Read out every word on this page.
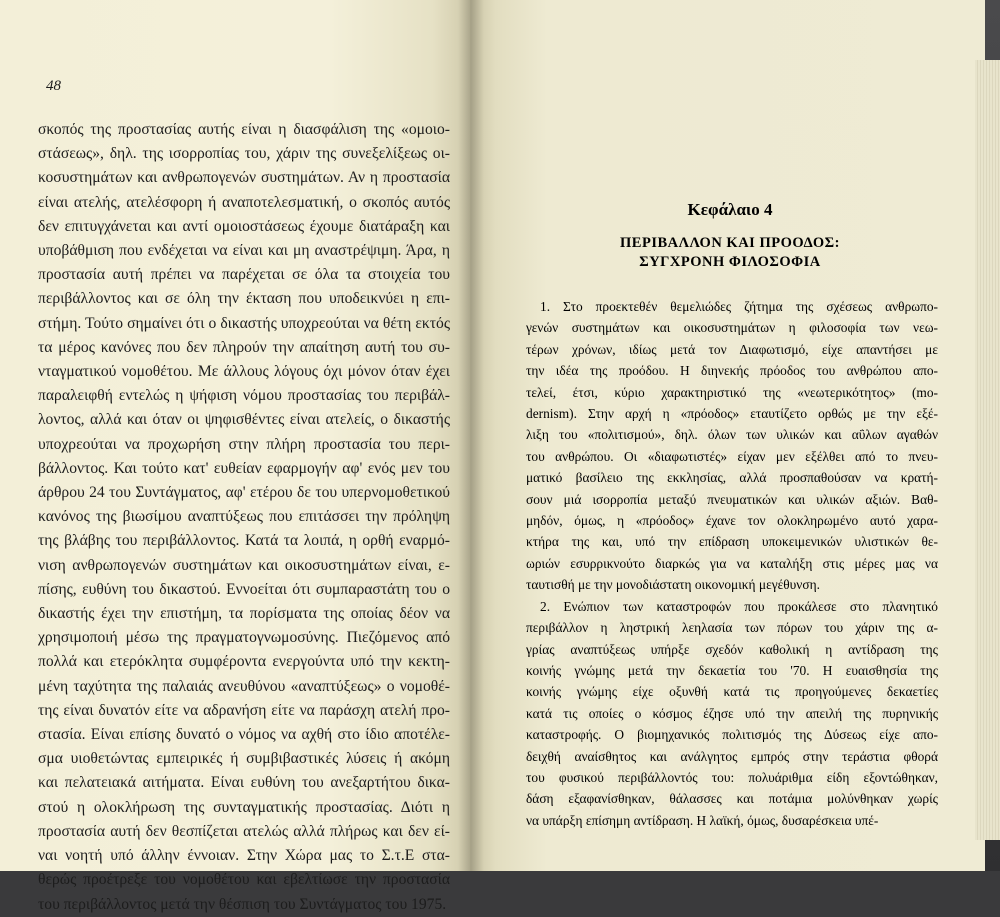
48
σκοπός της προστασίας αυτής είναι η διασφάλιση της «ομοιο-
στάσεως», δηλ. της ισορροπίας του, χάριν της συνεξελίξεως οι-
κοσυστημάτων και ανθρωπογενών συστημάτων. Αν η προστασία
είναι ατελής, ατελέσφορη ή αναποτελεσματική, ο σκοπός αυτός
δεν επιτυγχάνεται και αντί ομοιοστάσεως έχουμε διατάραξη και
υποβάθμιση που ενδέχεται να είναι και μη αναστρέψιμη. Άρα, η
προστασία αυτή πρέπει να παρέχεται σε όλα τα στοιχεία του
περιβάλλοντος και σε όλη την έκταση που υποδεικνύει η επι-
στήμη. Τούτο σημαίνει ότι ο δικαστής υποχρεούται να θέτη εκτός
τα μέρος κανόνες που δεν πληρούν την απαίτηση αυτή του συ-
νταγματικού νομοθέτου. Με άλλους λόγους όχι μόνον όταν έχει
παραλειφθή εντελώς η ψήφιση νόμου προστασίας του περιβάλ-
λοντος, αλλά και όταν οι ψηφισθέντες είναι ατελείς, ο δικαστής
υποχρεούται να προχωρήση στην πλήρη προστασία του περι-
βάλλοντος. Και τούτο κατ' ευθείαν εφαρμογήν αφ' ενός μεν του
άρθρου 24 του Συντάγματος, αφ' ετέρου δε του υπερνομοθετικού
κανόνος της βιωσίμου αναπτύξεως που επιτάσσει την πρόληψη
της βλάβης του περιβάλλοντος. Κατά τα λοιπά, η ορθή εναρμό-
νιση ανθρωπογενών συστημάτων και οικοσυστημάτων είναι, ε-
πίσης, ευθύνη του δικαστού. Εννοείται ότι συμπαραστάτη του ο
δικαστής έχει την επιστήμη, τα πορίσματα της οποίας δέον να
χρησιμοποιή μέσω της πραγματογνωμοσύνης. Πιεζόμενος από
πολλά και ετερόκλητα συμφέροντα ενεργούντα υπό την κεκτη-
μένη ταχύτητα της παλαιάς ανευθύνου «αναπτύξεως» ο νομοθέ-
της είναι δυνατόν είτε να αδρανήση είτε να παράσχη ατελή προ-
στασία. Είναι επίσης δυνατό ο νόμος να αχθή στο ίδιο αποτέλε-
σμα υιοθετώντας εμπειρικές ή συμβιβαστικές λύσεις ή ακόμη
και πελατειακά αιτήματα. Είναι ευθύνη του ανεξαρτήτου δικα-
στού η ολοκλήρωση της συνταγματικής προστασίας. Διότι η
προστασία αυτή δεν θεσπίζεται ατελώς αλλά πλήρως και δεν εί-
ναι νοητή υπό άλλην έννοιαν. Στην Χώρα μας το Σ.τ.Ε στα-
θερώς προέτρεξε του νομοθέτου και εβελτίωσε την προστασία
του περιβάλλοντος μετά την θέσπιση του Συντάγματος του 1975.
Κεφάλαιο 4
ΠΕΡΙΒΑΛΛΟΝ ΚΑΙ ΠΡΟΟΔΟΣ:
ΣΥΓΧΡΟΝΗ ΦΙΛΟΣΟΦΙΑ
1. Στο προεκτεθέν θεμελιώδες ζήτημα της σχέσεως ανθρωπο-
γενών συστημάτων και οικοσυστημάτων η φιλοσοφία των νεω-
τέρων χρόνων, ιδίως μετά τον Διαφωτισμό, είχε απαντήσει με
την ιδέα της προόδου. Η διηνεκής πρόοδος του ανθρώπου απο-
τελεί, έτσι, κύριο χαρακτηριστικό της «νεωτερικότητος» (mo-
dernism). Στην αρχή η «πρόοδος» εταυτίζετο ορθώς με την εξέ-
λιξη του «πολιτισμού», δηλ. όλων των υλικών και αΰλων αγαθών
του ανθρώπου. Οι «διαφωτιστές» είχαν μεν εξέλθει από το πνευ-
ματικό βασίλειο της εκκλησίας, αλλά προσπαθούσαν να κρατή-
σουν μιά ισορροπία μεταξύ πνευματικών και υλικών αξιών. Βαθ-
μηδόν, όμως, η «πρόοδος» έχανε τον ολοκληρωμένο αυτό χαρα-
κτήρα της και, υπό την επίδραση υποκειμενικών υλιστικών θε-
ωριών εσυρρικνούτο διαρκώς για να καταλήξη στις μέρες μας να
ταυτισθή με την μονοδιάστατη οικονομική μεγέθυνση.
2. Ενώπιον των καταστροφών που προκάλεσε στο πλανητικό
περιβάλλον η ληστρική λεηλασία των πόρων του χάριν της α-
γρίας αναπτύξεως υπήρξε σχεδόν καθολική η αντίδραση της
κοινής γνώμης μετά την δεκαετία του '70. Η ευαισθησία της
κοινής γνώμης είχε οξυνθή κατά τις προηγούμενες δεκαετίες
κατά τις οποίες ο κόσμος έζησε υπό την απειλή της πυρηνικής
καταστροφής. Ο βιομηχανικός πολιτισμός της Δύσεως είχε απο-
δειχθή αναίσθητος και ανάλγητος εμπρός στην τεράστια φθορά
του φυσικού περιβάλλοντός του: πολυάριθμα είδη εξοντώθηκαν,
δάση εξαφανίσθηκαν, θάλασσες και ποτάμια μολύνθηκαν χωρίς
να υπάρξη επίσημη αντίδραση. Η λαϊκή, όμως, δυσαρέσκεια υπέ-
